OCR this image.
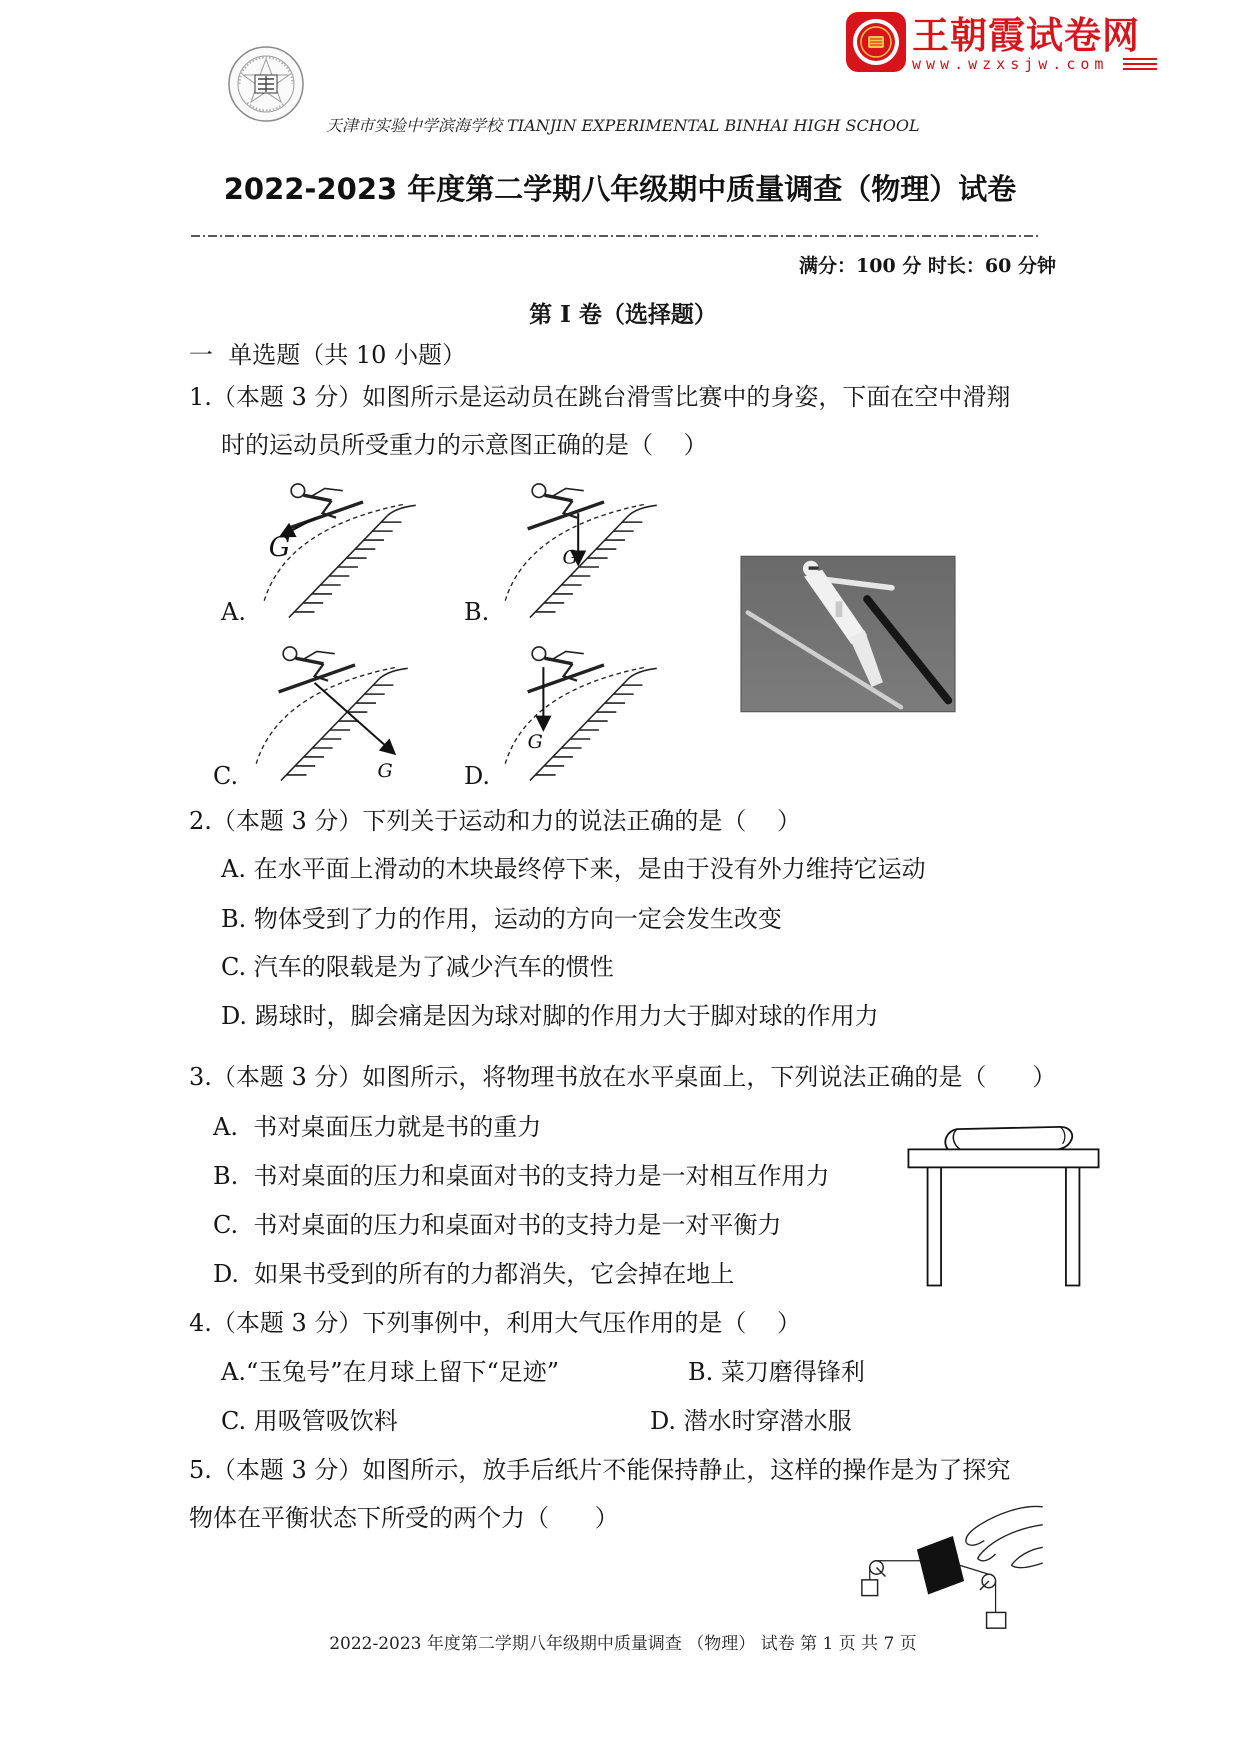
王朝霞试卷网
www.wzxsjw.com
天津市实验中学滨海学校 TIANJIN EXPERIMENTAL BINHAI HIGH SCHOOL
2022-2023 年度第二学期八年级期中质量调查（物理）试卷
满分：100 分 时长：60 分钟
第 I 卷（选择题）
一  单选题（共 10 小题）
1.（本题 3 分）如图所示是运动员在跳台滑雪比赛中的身姿，下面在空中滑翔
时的运动员所受重力的示意图正确的是（    ）
G	G
G
G
A.	B.
C.	D.
2.（本题 3 分）下列关于运动和力的说法正确的是（    ）
A. 在水平面上滑动的木块最终停下来，是由于没有外力维持它运动
B. 物体受到了力的作用，运动的方向一定会发生改变
C. 汽车的限载是为了减少汽车的惯性
D. 踢球时，脚会痛是因为球对脚的作用力大于脚对球的作用力
3.（本题 3 分）如图所示，将物理书放在水平桌面上，下列说法正确的是（      ）
A.  书对桌面压力就是书的重力
B.  书对桌面的压力和桌面对书的支持力是一对相互作用力
C.  书对桌面的压力和桌面对书的支持力是一对平衡力
D.  如果书受到的所有的力都消失，它会掉在地上
4.（本题 3 分）下列事例中，利用大气压作用的是（    ）
A.“玉兔号”在月球上留下“足迹”	B. 菜刀磨得锋利
C. 用吸管吸饮料	D. 潜水时穿潜水服
5.（本题 3 分）如图所示，放手后纸片不能保持静止，这样的操作是为了探究
物体在平衡状态下所受的两个力（      ）
2022-2023 年度第二学期八年级期中质量调查 （物理） 试卷 第 1 页 共 7 页
